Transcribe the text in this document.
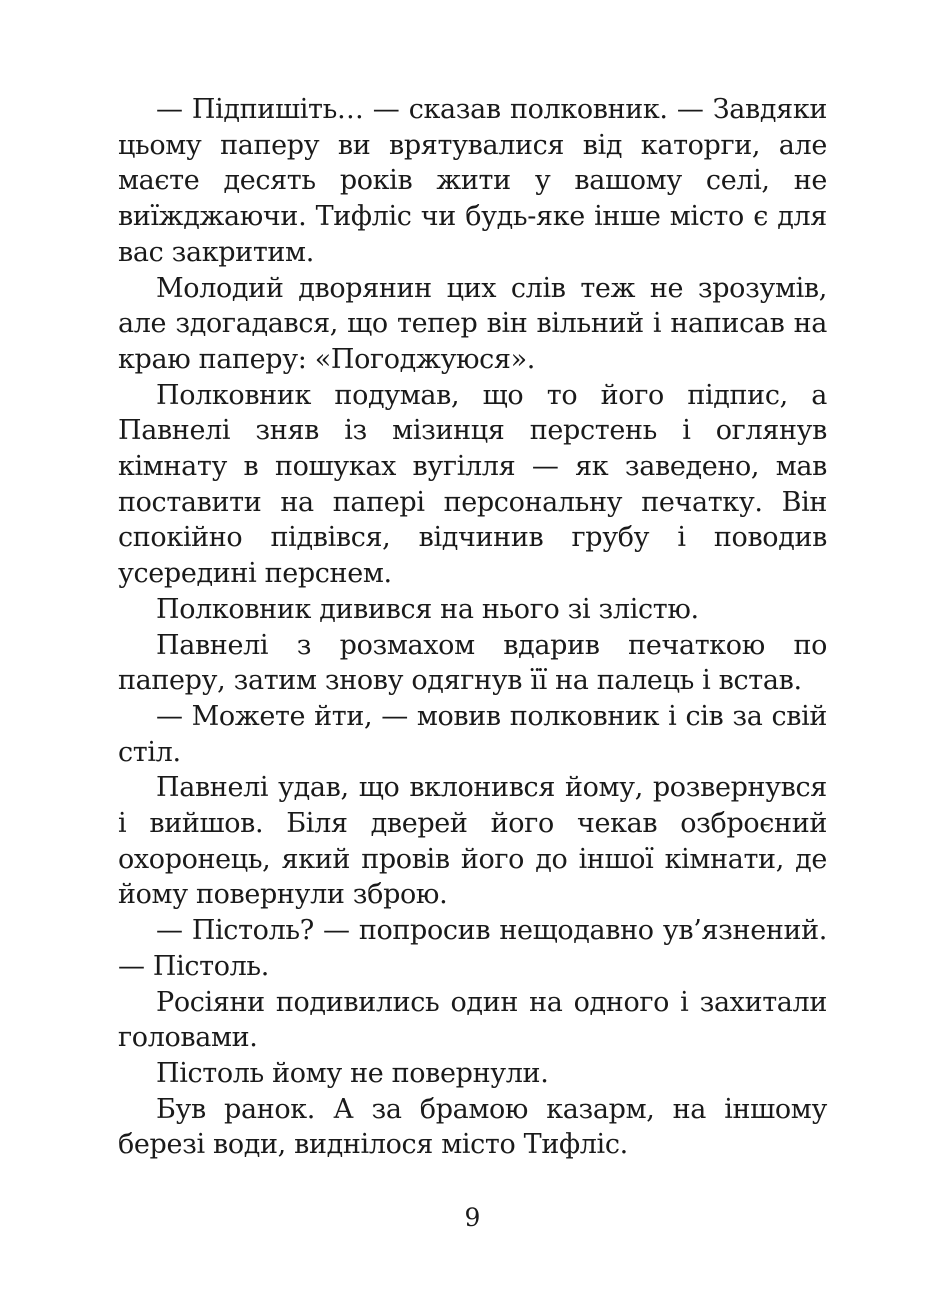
— Підпишіть… — сказав полковник. — Завдяки цьому паперу ви врятувалися від каторги, але маєте десять років жити у вашому селі, не виїжджаючи. Тифліс чи будь-яке інше місто є для вас закритим.

Молодий дворянин цих слів теж не зрозумів, але здогадався, що тепер він вільний і написав на краю паперу: «Погоджуюся».

Полковник подумав, що то його підпис, а Павнелі зняв із мізинця перстень і оглянув кімнату в пошуках вугілля — як заведено, мав поставити на папері персональну печатку. Він спокійно підвівся, відчинив грубу і поводив усередині перснем.

Полковник дивився на нього зі злістю.

Павнелі з розмахом вдарив печаткою по паперу, затим знову одягнув її на палець і встав.

— Можете йти, — мовив полковник і сів за свій стіл.

Павнелі удав, що вклонився йому, розвернувся і вийшов. Біля дверей його чекав озброєний охоронець, який провів його до іншої кімнати, де йому повернули зброю.

— Пістоль? — попросив нещодавно ув’язнений. — Пістоль.

Росіяни подивились один на одного і захитали головами.

Пістоль йому не повернули.

Був ранок. А за брамою казарм, на іншому березі води, виднілося місто Тифліс.

9
